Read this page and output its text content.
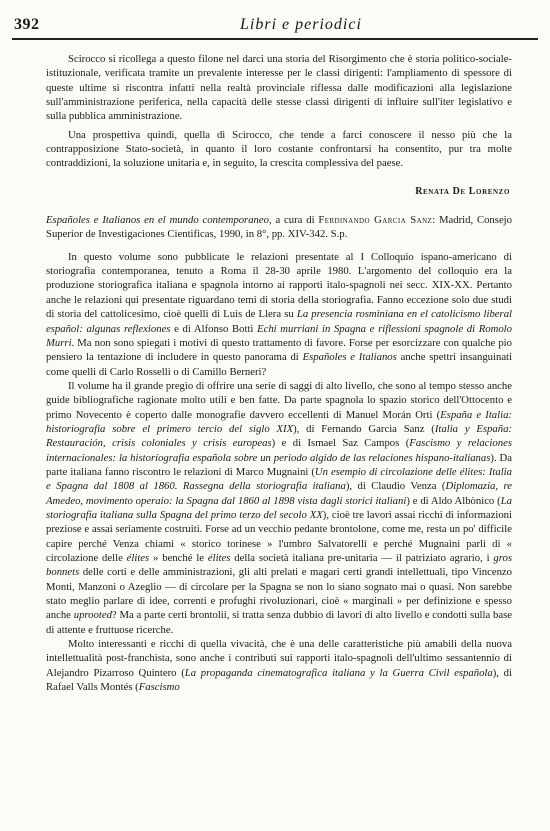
392	Libri e periodici

Scirocco si ricollega a questo filone nel darci una storia del Risorgimento che è storia politico-sociale-istituzionale, verificata tramite un prevalente interesse per le classi dirigenti: l'ampliamento di spessore di queste ultime si riscontra infatti nella realtà provinciale riflessa dalle modificazioni alla legislazione sull'amministrazione periferica, nella capacità delle stesse classi dirigenti di influire sull'iter legislativo e sulla pubblica amministrazione.

Una prospettiva quindi, quella di Scirocco, che tende a farci conoscere il nesso più che la contrapposizione Stato-società, in quanto il loro costante confrontarsi ha consentito, pur tra molte contraddizioni, la soluzione unitaria e, in seguito, la crescita complessiva del paese.

Renata De Lorenzo

Españoles e Italianos en el mundo contemporaneo, a cura di Ferdinando Garcia Sanz: Madrid, Consejo Superior de Investigaciones Cientificas, 1990, in 8°, pp. XIV-342. S.p.

In questo volume sono pubblicate le relazioni presentate al I Colloquio ispano-americano di storiografia contemporanea, tenuto a Roma il 28-30 aprile 1980. L'argomento del colloquio era la produzione storiografica italiana e spagnola intorno ai rapporti italo-spagnoli nei secc. XIX-XX. Pertanto anche le relazioni qui presentate riguardano temi di storia della storiografia. Fanno eccezione solo due studi di storia del cattolicesimo, cioè quelli di Luis de Llera su La presencia rosminiana en el catolicismo liberal español: algunas reflexiones e di Alfonso Botti Echi murriani in Spagna e riflessioni spagnole di Romolo Murri. Ma non sono spiegati i motivi di questo trattamento di favore. Forse per esorcizzare con qualche pio pensiero la tentazione di includere in questo panorama di Españoles e Italianos anche spettri insanguinati come quelli di Carlo Rosselli o di Camillo Berneri?

Il volume ha il grande pregio di offrire una serie di saggi di alto livello, che sono al tempo stesso anche guide bibliografiche ragionate molto utili e ben fatte. Da parte spagnola lo spazio storico dell'Ottocento e primo Novecento è coperto dalle monografie davvero eccellenti di Manuel Morán Orti (España e Italia: historiografia sobre el primero tercio del siglo XIX), di Fernando Garcia Sanz (Italia y España: Restauración, crisis coloniales y crisis europeas) e di Ismael Saz Campos (Fascismo y relaciones internacionales: la historiografia española sobre un periodo algido de las relaciones hispano-italianas). Da parte italiana fanno riscontro le relazioni di Marco Mugnaini (Un esempio di circolazione delle élites: Italia e Spagna dal 1808 al 1860. Rassegna della storiografia italiana), di Claudio Venza (Diplomazia, re Amedeo, movimento operaio: la Spagna dal 1860 al 1898 vista dagli storici italiani) e di Aldo Albònico (La storiografia italiana sulla Spagna del primo terzo del secolo XX), cioè tre lavori assai ricchi di informazioni preziose e assai seriamente costruiti. Forse ad un vecchio pedante brontolone, come me, resta un po' difficile capire perché Venza chiami « storico torinese » l'umbro Salvatorelli e perché Mugnaini parli di « circolazione delle élites » benché le élites della società italiana pre-unitaria — il patriziato agrario, i gros bonnets delle corti e delle amministrazioni, gli alti prelati e magari certi grandi intellettuali, tipo Vincenzo Monti, Manzoni o Azeglio — di circolare per la Spagna se non lo siano sognato mai o quasi. Non sarebbe stato meglio parlare di idee, correnti e profughi rivoluzionari, cioè « marginali » per definizione e spesso anche uprooted? Ma a parte certi brontolii, si tratta senza dubbio di lavori di alto livello e condotti sulla base di attente e fruttuose ricerche.

Molto interessanti e ricchi di quella vivacità, che è una delle caratteristiche più amabili della nuova intellettualità post-franchista, sono anche i contributi sui rapporti italo-spagnoli dell'ultimo sessantennio di Alejandro Pizarroso Quintero (La propaganda cinematografica italiana y la Guerra Civil española), di Rafael Valls Montés (Fascismo
